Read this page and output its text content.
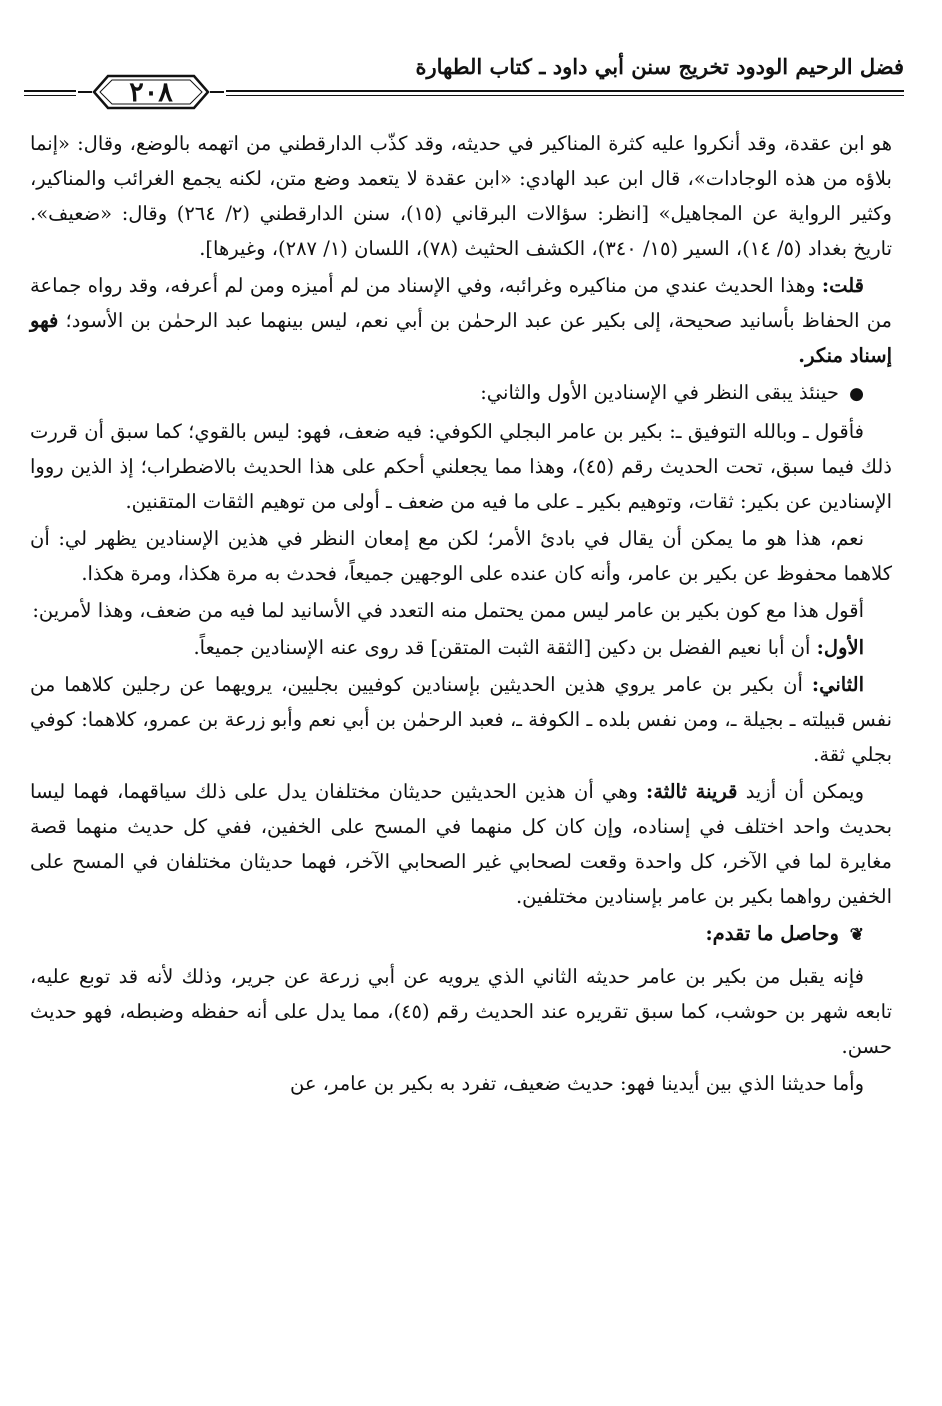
فضل الرحيم الودود تخريج سنن أبي داود ـ كتاب الطهارة
٢٠٨

هو ابن عقدة، وقد أنكروا عليه كثرة المناكير في حديثه، وقد كذّب الدارقطني من اتهمه بالوضع، وقال: «إنما بلاؤه من هذه الوجادات»، قال ابن عبد الهادي: «ابن عقدة لا يتعمد وضع متن، لكنه يجمع الغرائب والمناكير، وكثير الرواية عن المجاهيل» [انظر: سؤالات البرقاني (١٥)، سنن الدارقطني (٢/ ٢٦٤) وقال: «ضعيف». تاريخ بغداد (٥/ ١٤)، السير (١٥/ ٣٤٠)، الكشف الحثيث (٧٨)، اللسان (١/ ٢٨٧)، وغيرها].

قلت: وهذا الحديث عندي من مناكيره وغرائبه، وفي الإسناد من لم أميزه ومن لم أعرفه، وقد رواه جماعة من الحفاظ بأسانيد صحيحة، إلى بكير عن عبد الرحمٰن بن أبي نعم، ليس بينهما عبد الرحمٰن بن الأسود؛ فهو إسناد منكر.

● حينئذ يبقى النظر في الإسنادين الأول والثاني:

فأقول ـ وبالله التوفيق ـ: بكير بن عامر البجلي الكوفي: فيه ضعف، فهو: ليس بالقوي؛ كما سبق أن قررت ذلك فيما سبق، تحت الحديث رقم (٤٥)، وهذا مما يجعلني أحكم على هذا الحديث بالاضطراب؛ إذ الذين رووا الإسنادين عن بكير: ثقات، وتوهيم بكير ـ على ما فيه من ضعف ـ أولى من توهيم الثقات المتقنين.

نعم، هذا هو ما يمكن أن يقال في بادئ الأمر؛ لكن مع إمعان النظر في هذين الإسنادين يظهر لي: أن كلاهما محفوظ عن بكير بن عامر، وأنه كان عنده على الوجهين جميعاً، فحدث به مرة هكذا، ومرة هكذا.

أقول هذا مع كون بكير بن عامر ليس ممن يحتمل منه التعدد في الأسانيد لما فيه من ضعف، وهذا لأمرين:

الأول: أن أبا نعيم الفضل بن دكين [الثقة الثبت المتقن] قد روى عنه الإسنادين جميعاً.

الثاني: أن بكير بن عامر يروي هذين الحديثين بإسنادين كوفيين بجليين، يرويهما عن رجلين كلاهما من نفس قبيلته ـ بجيلة ـ، ومن نفس بلده ـ الكوفة ـ، فعبد الرحمٰن بن أبي نعم وأبو زرعة بن عمرو، كلاهما: كوفي بجلي ثقة.

ويمكن أن أزيد قرينة ثالثة: وهي أن هذين الحديثين حديثان مختلفان يدل على ذلك سياقهما، فهما ليسا بحديث واحد اختلف في إسناده، وإن كان كل منهما في المسح على الخفين، ففي كل حديث منهما قصة مغايرة لما في الآخر، كل واحدة وقعت لصحابي غير الصحابي الآخر، فهما حديثان مختلفان في المسح على الخفين رواهما بكير بن عامر بإسنادين مختلفين.

❦ وحاصل ما تقدم:

فإنه يقبل من بكير بن عامر حديثه الثاني الذي يرويه عن أبي زرعة عن جرير، وذلك لأنه قد توبع عليه، تابعه شهر بن حوشب، كما سبق تقريره عند الحديث رقم (٤٥)، مما يدل على أنه حفظه وضبطه، فهو حديث حسن.

وأما حديثنا الذي بين أيدينا فهو: حديث ضعيف، تفرد به بكير بن عامر، عن
